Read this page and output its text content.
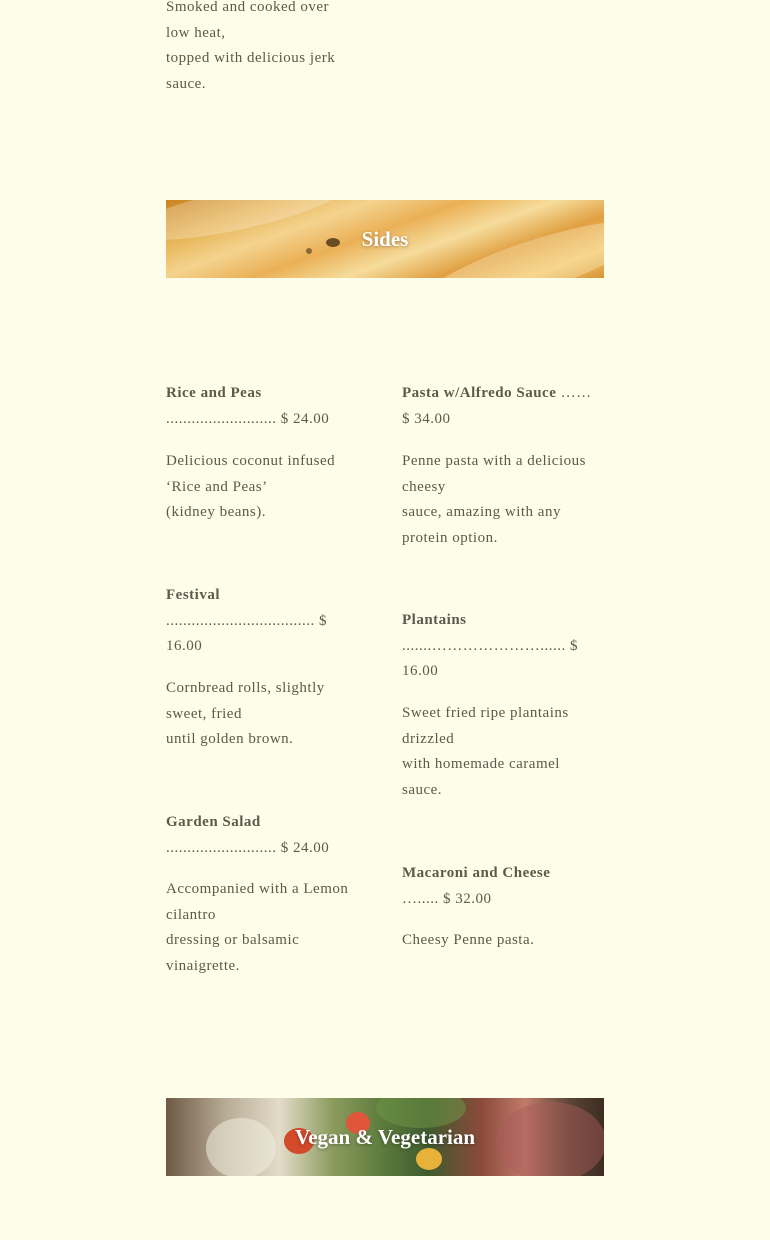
Smoked and cooked over
low heat,
topped with delicious jerk
sauce.

Sides

Rice and Peas
.......................... $ 24.00

Delicious coconut infused
‘Rice and Peas’
(kidney beans).

Festival
................................... $
16.00

Cornbread rolls, slightly
sweet, fried
until golden brown.

Garden Salad
.......................... $ 24.00

Accompanied with a Lemon
cilantro
dressing or balsamic
vinaigrette.

Pasta w/Alfredo Sauce ……
$ 34.00

Penne pasta with a delicious
cheesy
sauce, amazing with any
protein option.

Plantains
.......…………………...... $
16.00

Sweet fried ripe plantains
drizzled
with homemade caramel
sauce.

Macaroni and Cheese
…..... $ 32.00

Cheesy Penne pasta.

Vegan & Vegetarian
